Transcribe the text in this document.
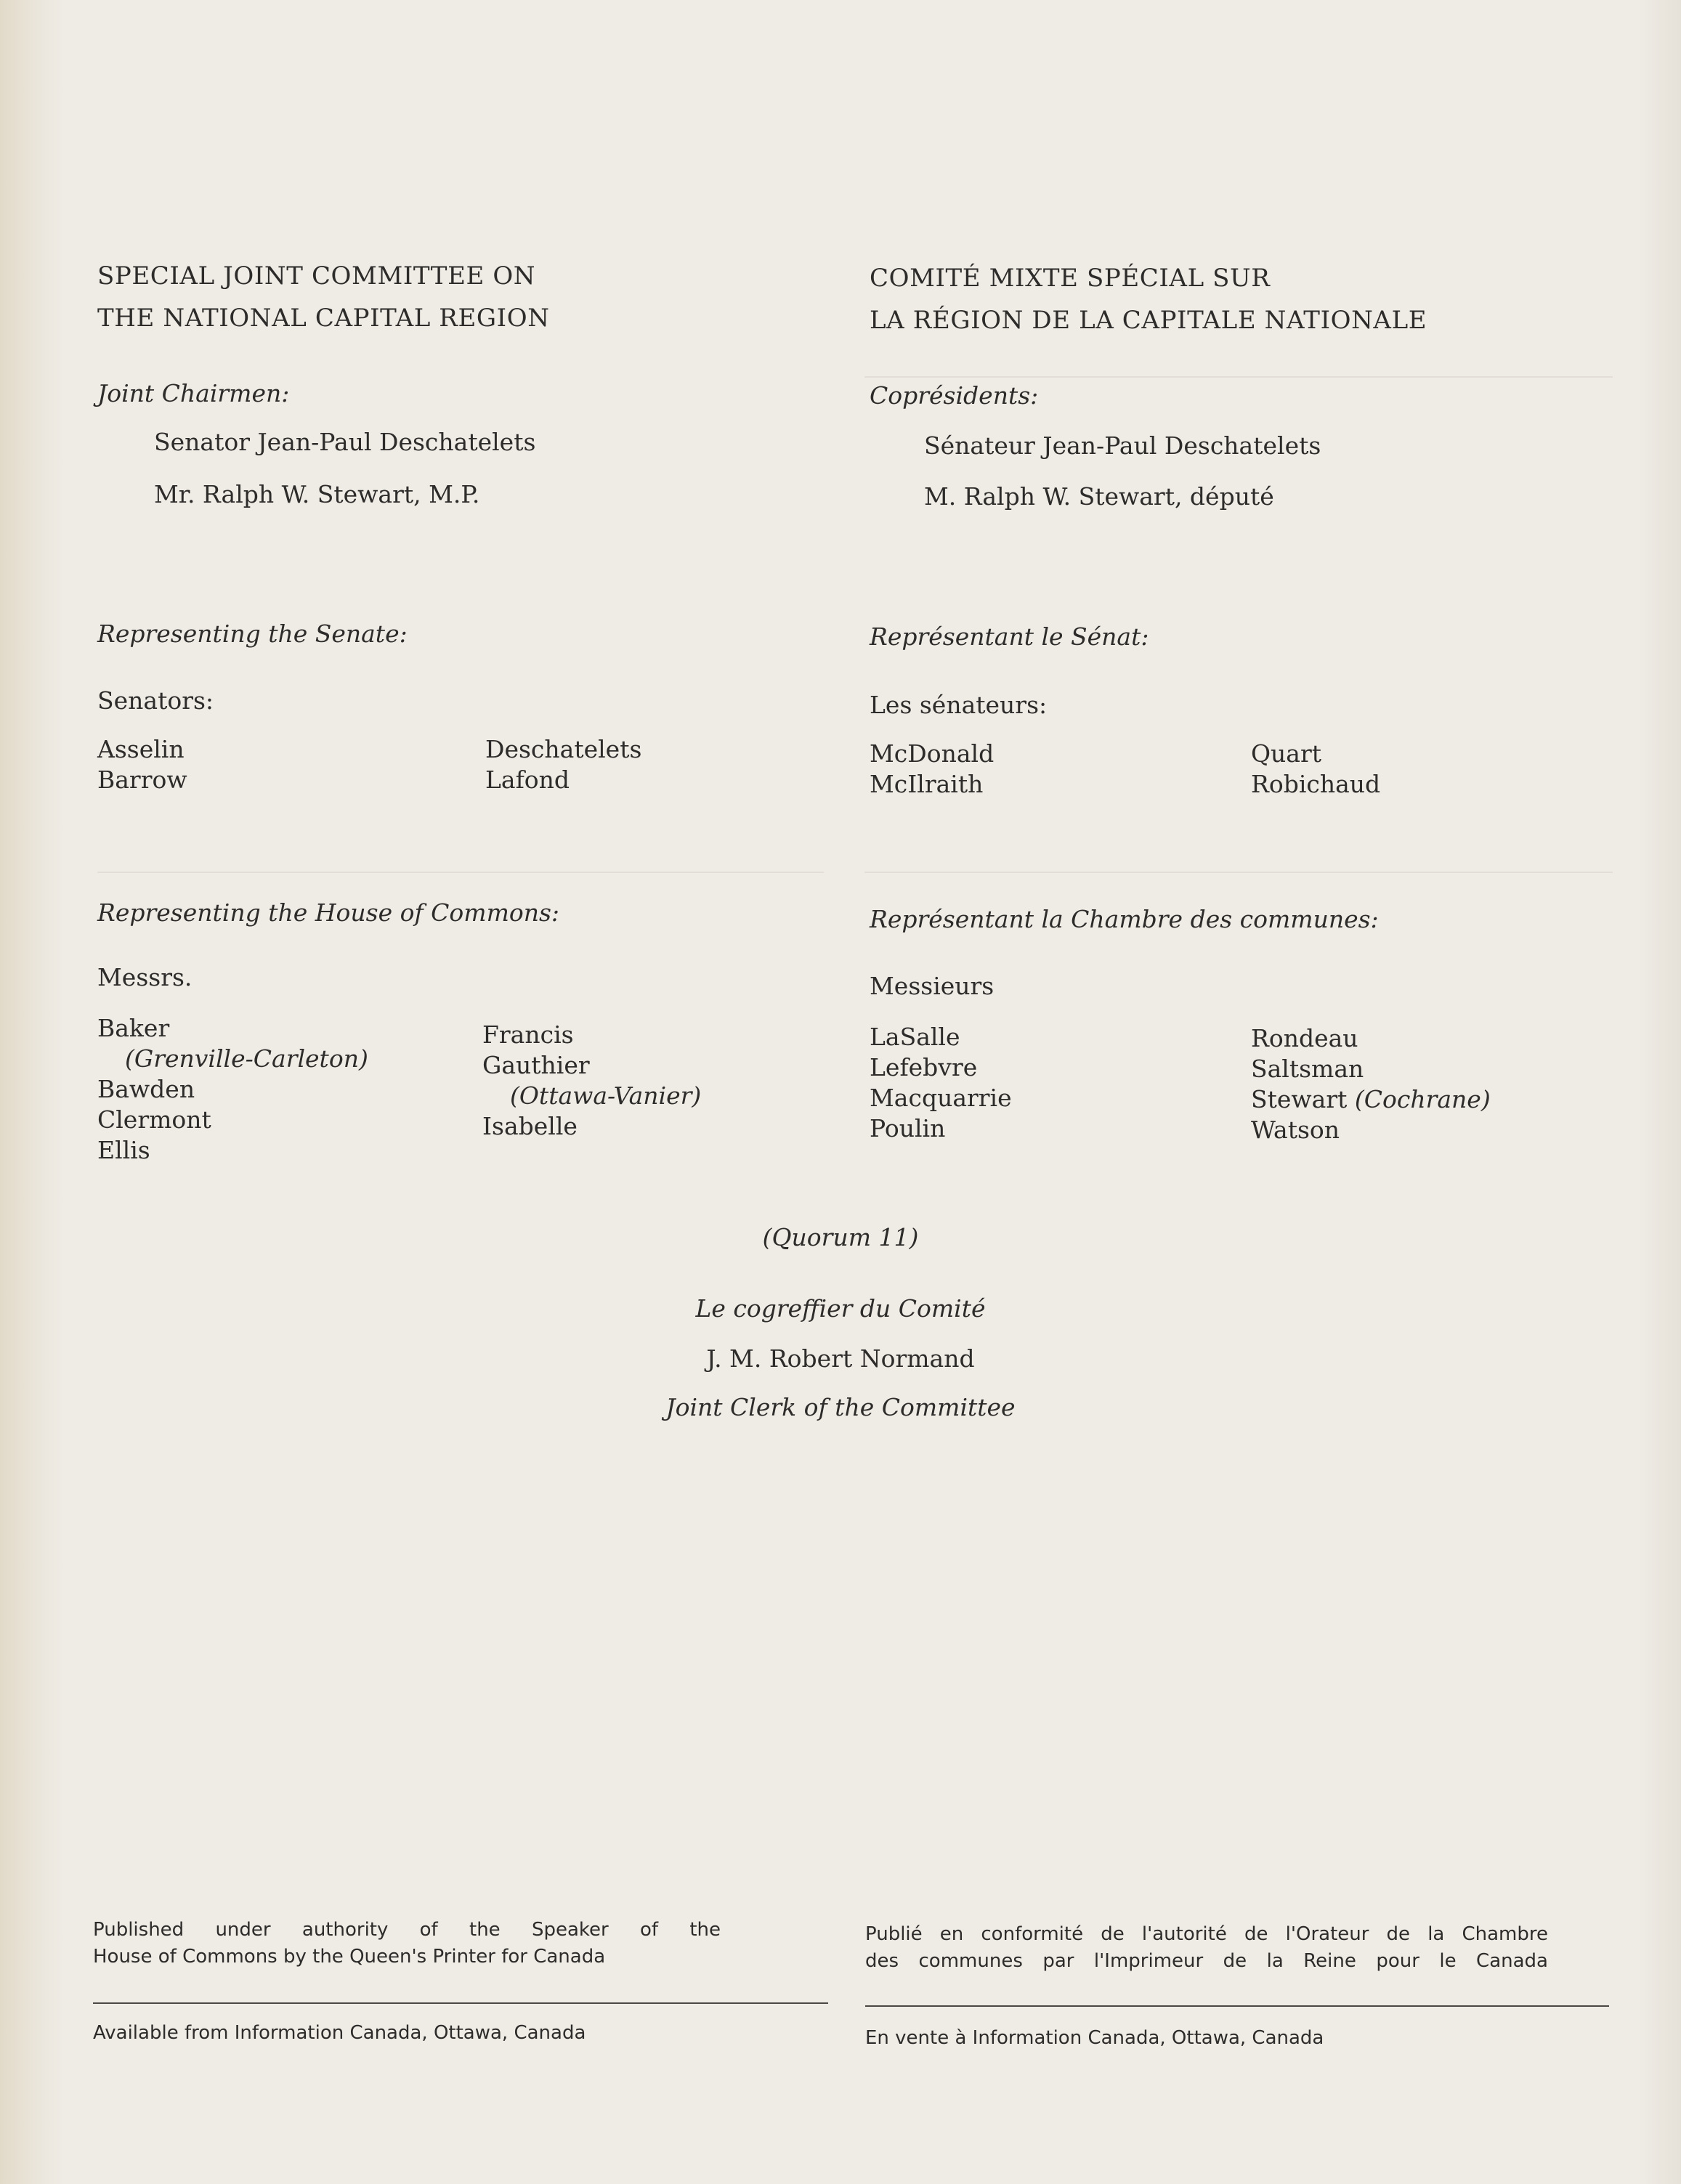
SPECIAL JOINT COMMITTEE ON
THE NATIONAL CAPITAL REGION
Joint Chairmen:
Senator Jean-Paul Deschatelets
Mr. Ralph W. Stewart, M.P.
Representing the Senate:
Senators:
Asselin
Barrow
Deschatelets
Lafond
Representing the House of Commons:
Messrs.
Baker
(Grenville-Carleton)
Bawden
Clermont
Ellis
Francis
Gauthier
(Ottawa-Vanier)
Isabelle
COMITÉ MIXTE SPÉCIAL SUR
LA RÉGION DE LA CAPITALE NATIONALE
Coprésidents:
Sénateur Jean-Paul Deschatelets
M. Ralph W. Stewart, député
Représentant le Sénat:
Les sénateurs:
McDonald
McIlraith
Quart
Robichaud
Représentant la Chambre des communes:
Messieurs
LaSalle
Lefebvre
Macquarrie
Poulin
Rondeau
Saltsman
Stewart (Cochrane)
Watson
(Quorum 11)
Le cogreffier du Comité
J. M. Robert Normand
Joint Clerk of the Committee
Published under authority of the Speaker of the
House of Commons by the Queen's Printer for Canada
Available from Information Canada, Ottawa, Canada
Publié en conformité de l'autorité de l'Orateur de la Chambre
des communes par l'Imprimeur de la Reine pour le Canada
En vente à Information Canada, Ottawa, Canada
